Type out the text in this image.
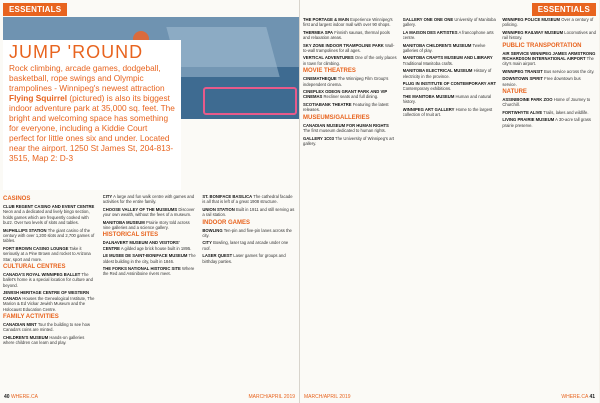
ESSENTIALS
JUMP 'ROUND

Rock climbing, arcade games, dodgeball, basketball, rope swings and Olympic trampolines - Winnipeg's newest attraction Flying Squirrel (pictured) is also its biggest indoor adventure park at 35,000 sq. feet. The bright and welcoming space has something for everyone, including a Kiddie Court perfect for little ones six and under. Located near the airport. 1250 St James St, 204-813-3515, Map 2: D-3

CASINOS

CLUB REGENT CASINO AND EVENT CENTRE Neon and a dedicated and lively bingo section, holds games which are frequently cooked with buzz. Over two levels of slots and tables.

McPHILLIPS STATION The giant casino of the century with over 1,200 slots and 2,700 games of tables.

FORT BROWN CASINO LOUNGE Take it seriously at a Pine Brown and rocket to Arizona Star, sport and more.

CULTURAL CENTRES

CANADA'S ROYAL WINNIPEG BALLET The ballet's home is a special location for culture and beyond.

JEWISH HERITAGE CENTRE OF WESTERN CANADA Houses the Genealogical Institute, The Marion & Ed Vickar Jewish Museum and the Holocaust Education Centre.

FAMILY ACTIVITIES

CANADIAN MINT Tour the building to see how Canada's coins are minted.

CHILDREN'S MUSEUM Hands-on galleries where children can learn and play.

CITY A large and fun walk centre with games and activities for the entire family.

CHOOSE VALLEY OF THE MUSEUMS Discover your own wealth, without the fees of a museum.

MANITOBA MUSEUM Prairie story told across nine galleries and a science gallery.

HISTORICAL SITES

DALNAVERT MUSEUM AND VISITORS' CENTRE A gilded age brick house built in 1895.

LE MUSEE DE SAINT-BONIFACE MUSEUM The oldest building in the city, built in 1846.

THE FORKS NATIONAL HISTORIC SITE Where the Red and Assiniboine rivers meet.

ST. BONIFACE BASILICA The cathedral facade is all that is left of a great 1908 structure.

UNION STATION Built in 1911 and still serving as a rail station.

INDOOR GAMES

BOWLING Ten-pin and five-pin lanes across the city.

CITY Bowling, laser tag and arcade under one roof.

LASER QUEST Laser games for groups and birthday parties.

40 WHERE.CA	MARCH/APRIL 2019
ESSENTIALS

THE PORTAGE & MAIN Experience Winnipeg's first and largest indoor mall with over 90 shops.

THERMEA SPA Finnish saunas, thermal pools and relaxation areas.

SKY ZONE INDOOR TRAMPOLINE PARK Wall-to-wall trampolines for all ages.

VERTICAL ADVENTURES One of the only places in town for climbing.

MOVIE THEATRES

CINEMATHEQUE The Winnipeg Film Group's independent cinema.

CINEPLEX ODEON GRANT PARK AND VIP CINEMAS Recliner seats and full dining.

SCOTIABANK THEATRE Featuring the latest releases.

MUSEUMS/GALLERIES

CANADIAN MUSEUM FOR HUMAN RIGHTS The first museum dedicated to human rights.

GALLERY 1C03 The University of Winnipeg's art gallery.

GALLERY ONE ONE ONE University of Manitoba gallery.

LA MAISON DES ARTISTES A francophone arts centre.

MANITOBA CHILDREN'S MUSEUM Twelve galleries of play.

MANITOBA CRAFTS MUSEUM AND LIBRARY Traditional Manitoba crafts.

MANITOBA ELECTRICAL MUSEUM History of electricity in the province.

PLUG IN INSTITUTE OF CONTEMPORARY ART Contemporary exhibitions.

THE MANITOBA MUSEUM Human and natural history.

WINNIPEG ART GALLERY Home to the largest collection of Inuit art.

WINNIPEG POLICE MUSEUM Over a century of policing.

WINNIPEG RAILWAY MUSEUM Locomotives and rail history.

PUBLIC TRANSPORTATION

AIR SERVICE WINNIPEG JAMES ARMSTRONG RICHARDSON INTERNATIONAL AIRPORT The city's main airport.

WINNIPEG TRANSIT Bus service across the city.

DOWNTOWN SPIRIT Free downtown bus service.

NATURE

ASSINIBOINE PARK ZOO Home of Journey to Churchill.

FORTWHYTE ALIVE Trails, lakes and wildlife.

LIVING PRAIRIE MUSEUM A 30-acre tall grass prairie preserve.

MARCH/APRIL 2019	WHERE.CA 41
